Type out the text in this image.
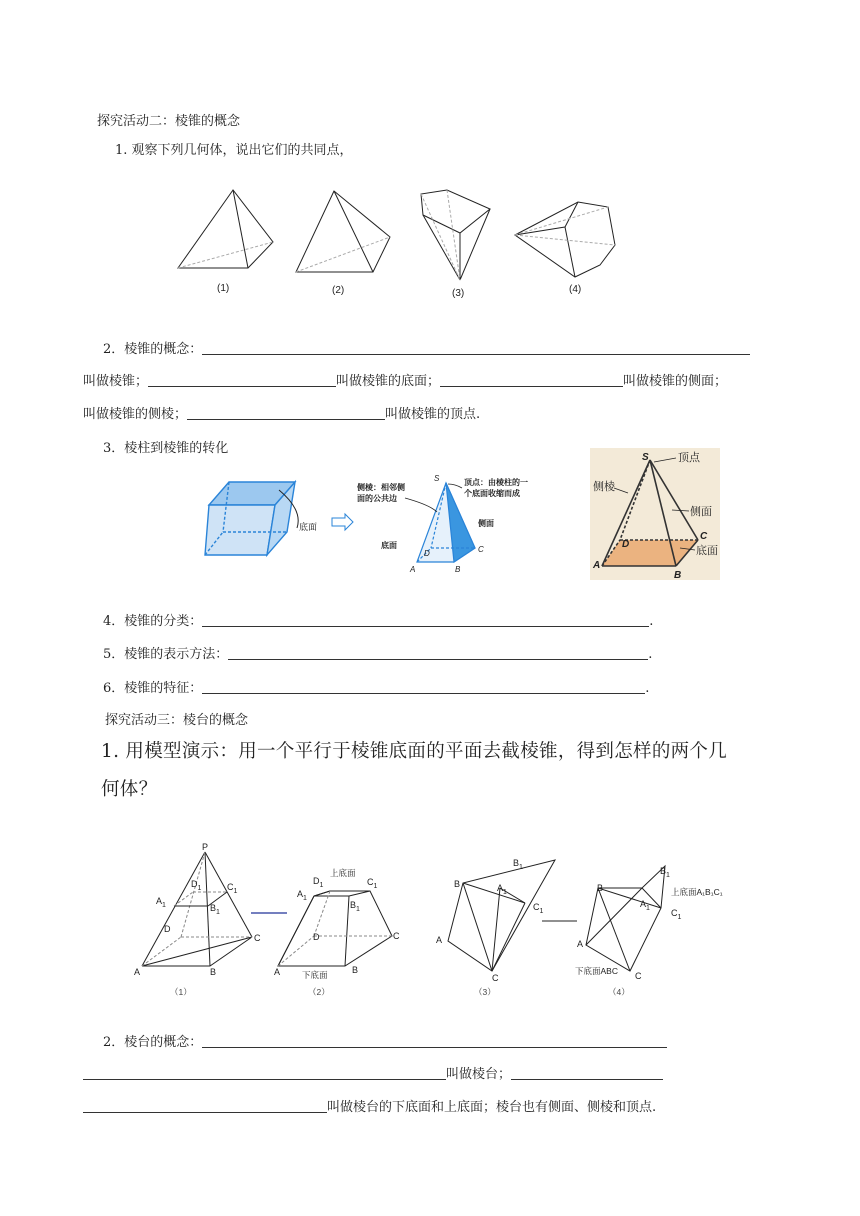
探究活动二：棱锥的概念
1. 观察下列几何体，说出它们的共同点，
(1)	(2)	(3)	(4)
2．棱锥的概念：
叫做棱锥；	叫做棱锥的底面；	叫做棱锥的侧面；
叫做棱锥的侧棱；	叫做棱锥的顶点.
3．棱柱到棱锥的转化
底面
侧棱：相邻侧
面的公共边
顶点：由棱柱的一
个底面收缩而成
侧面
底面
S
A	B
C
D
顶点
侧棱
侧面
底面
S
A
B
C
D
4．棱锥的分类：	.
5．棱锥的表示方法：	.
6．棱锥的特征：	.
探究活动三：棱台的概念
1. 用模型演示：用一个平行于棱锥底面的平面去截棱锥，得到怎样的两个几
何体？
P
$D_1$	$C_1$
$A_1$	$B_1$
D
C
A	B
$D_1$	$C_1$
$A_1$
$B_1$
D	C
A	B
$B_1$
B	$A_1$
$C_1$
A
C
$B_1$
B
$A_1$ $C_1$
A
C
上底面
下底面
上底面A₁B₁C₁
下底面ABC
（1）	（2）	（3）	（4）
2．棱台的概念：
叫做棱台；
叫做棱台的下底面和上底面；棱台也有侧面、侧棱和顶点.
